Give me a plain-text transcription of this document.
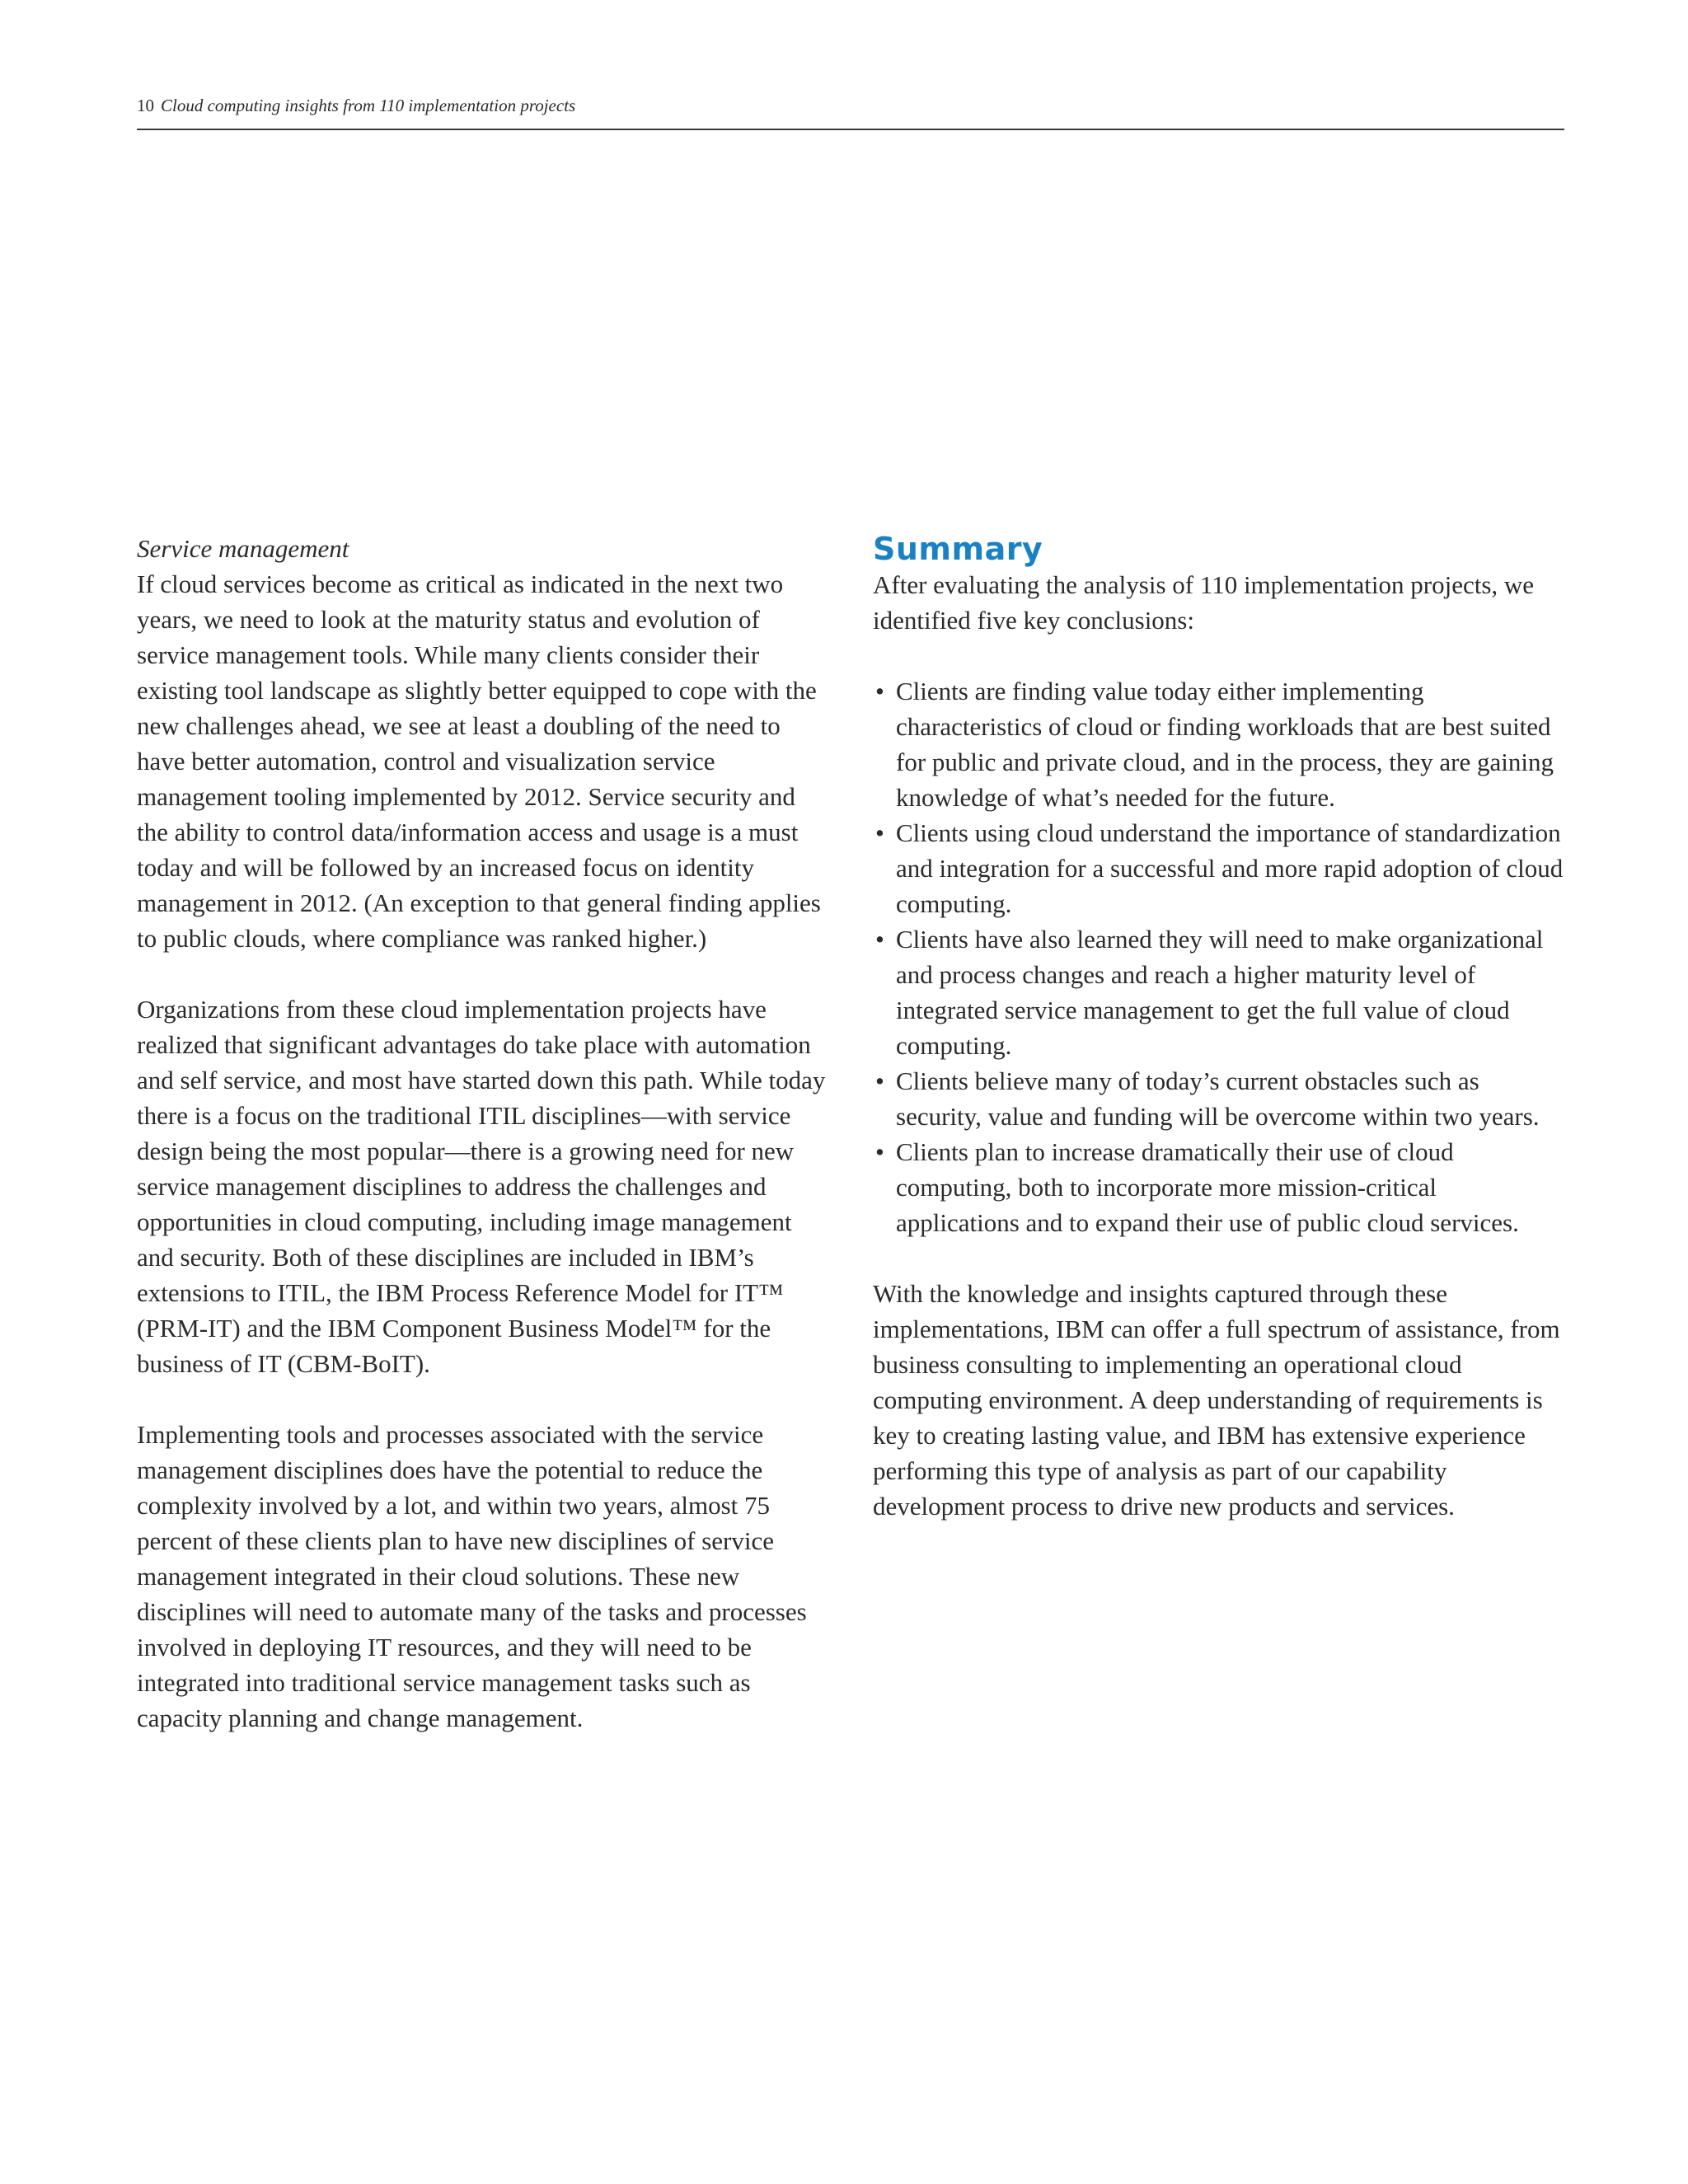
10 Cloud computing insights from 110 implementation projects

Service management

If cloud services become as critical as indicated in the next two years, we need to look at the maturity status and evolution of service management tools. While many clients consider their existing tool landscape as slightly better equipped to cope with the new challenges ahead, we see at least a doubling of the need to have better automation, control and visualization service management tooling implemented by 2012. Service security and the ability to control data/information access and usage is a must today and will be followed by an increased focus on identity management in 2012. (An exception to that general finding applies to public clouds, where compliance was ranked higher.)

Organizations from these cloud implementation projects have realized that significant advantages do take place with automation and self service, and most have started down this path. While today there is a focus on the traditional ITIL disciplines—with service design being the most popular—there is a growing need for new service management disciplines to address the challenges and opportunities in cloud computing, including image management and security. Both of these disciplines are included in IBM’s extensions to ITIL, the IBM Process Reference Model for IT™ (PRM-IT) and the IBM Component Business Model™ for the business of IT (CBM-BoIT).

Implementing tools and processes associated with the service management disciplines does have the potential to reduce the complexity involved by a lot, and within two years, almost 75 percent of these clients plan to have new disciplines of service management integrated in their cloud solutions. These new disciplines will need to automate many of the tasks and processes involved in deploying IT resources, and they will need to be integrated into traditional service management tasks such as capacity planning and change management.

Summary

After evaluating the analysis of 110 implementation projects, we identified five key conclusions:

• Clients are finding value today either implementing characteristics of cloud or finding workloads that are best suited for public and private cloud, and in the process, they are gaining knowledge of what’s needed for the future.
• Clients using cloud understand the importance of standardization and integration for a successful and more rapid adoption of cloud computing.
• Clients have also learned they will need to make organizational and process changes and reach a higher maturity level of integrated service management to get the full value of cloud computing.
• Clients believe many of today’s current obstacles such as security, value and funding will be overcome within two years.
• Clients plan to increase dramatically their use of cloud computing, both to incorporate more mission-critical applications and to expand their use of public cloud services.

With the knowledge and insights captured through these implementations, IBM can offer a full spectrum of assistance, from business consulting to implementing an operational cloud computing environment. A deep understanding of requirements is key to creating lasting value, and IBM has extensive experience performing this type of analysis as part of our capability development process to drive new products and services.
